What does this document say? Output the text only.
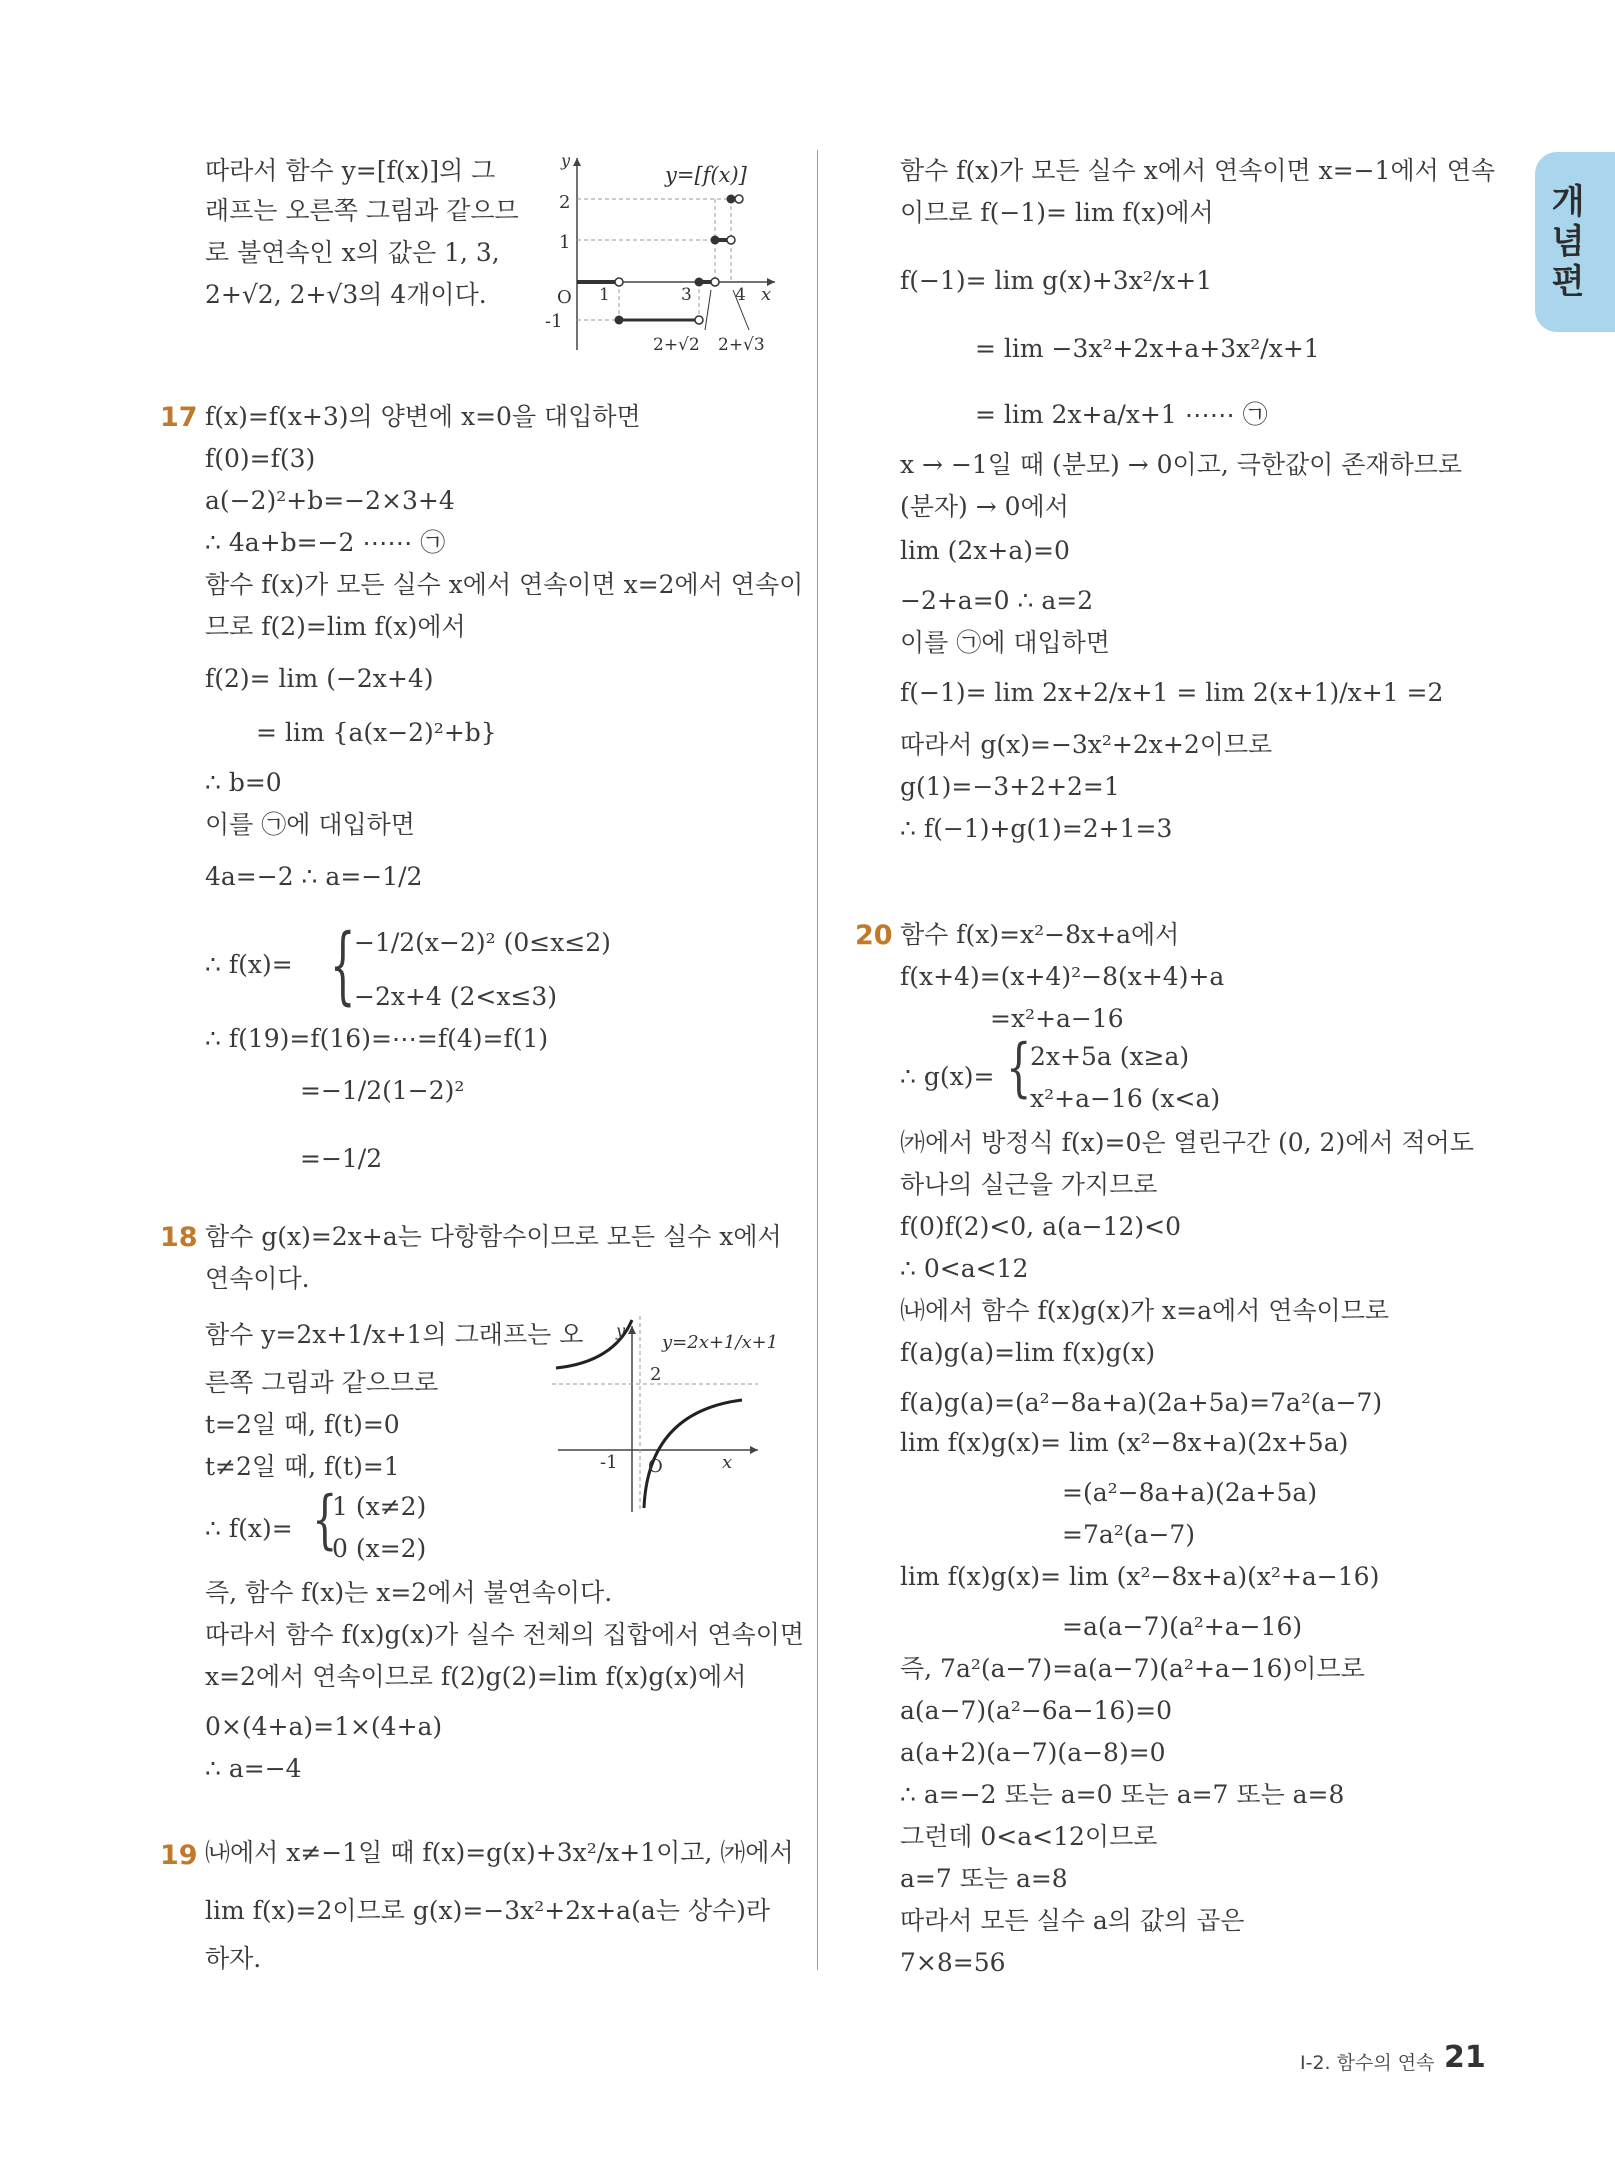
개념편
따라서 함수 y=[f(x)]의 그
래프는 오른쪽 그림과 같으므
로 불연속인 x의 값은 1, 3,
2+√2, 2+√3의 4개이다.
y=[f(x)]
2
1
-1
O 1	3	4 x
y
2+√2 2+√3
17 f(x)=f(x+3)의 양변에 x=0을 대입하면
f(0)=f(3)
a(−2)²+b=−2×3+4
∴ 4a+b=−2 ⋯⋯ ㉠
함수 f(x)가 모든 실수 x에서 연속이면 x=2에서 연속이
므로 f(2)=lim f(x)에서
f(2)= lim (−2x+4)
= lim {a(x−2)²+b}
∴ b=0
이를 ㉠에 대입하면
4a=−2 ∴ a=−1/2
∴ f(x)= {
−1/2(x−2)² (0≤x≤2)
−2x+4 (2<x≤3)
∴ f(19)=f(16)=⋯=f(4)=f(1)
=−1/2(1−2)²
=−1/2
18 함수 g(x)=2x+a는 다항함수이므로 모든 실수 x에서
연속이다.
함수 y=2x+1/x+1의 그래프는 오
른쪽 그림과 같으므로
t=2일 때, f(t)=0
t≠2일 때, f(t)=1
∴ f(x)= {
1 (x≠2)
0 (x=2)
즉, 함수 f(x)는 x=2에서 불연속이다.
따라서 함수 f(x)g(x)가 실수 전체의 집합에서 연속이면
x=2에서 연속이므로 f(2)g(2)=lim f(x)g(x)에서
0×(4+a)=1×(4+a)
∴ a=−4
y=2x+1/x+1
2
O
-1	x
y
19 ㈏에서 x≠−1일 때 f(x)=g(x)+3x²/x+1이고, ㈎에서
lim f(x)=2이므로 g(x)=−3x²+2x+a(a는 상수)라
하자.
함수 f(x)가 모든 실수 x에서 연속이면 x=−1에서 연속
이므로 f(−1)= lim f(x)에서
f(−1)= lim g(x)+3x²/x+1
= lim −3x²+2x+a+3x²/x+1
= lim 2x+a/x+1 ⋯⋯ ㉠
x → −1일 때 (분모) → 0이고, 극한값이 존재하므로
(분자) → 0에서
lim (2x+a)=0
−2+a=0 ∴ a=2
이를 ㉠에 대입하면
f(−1)= lim 2x+2/x+1 = lim 2(x+1)/x+1 =2
따라서 g(x)=−3x²+2x+2이므로
g(1)=−3+2+2=1
∴ f(−1)+g(1)=2+1=3
20 함수 f(x)=x²−8x+a에서
f(x+4)=(x+4)²−8(x+4)+a
=x²+a−16
∴ g(x)= {
2x+5a (x≥a)
x²+a−16 (x<a)
㈎에서 방정식 f(x)=0은 열린구간 (0, 2)에서 적어도
하나의 실근을 가지므로
f(0)f(2)<0, a(a−12)<0
∴ 0<a<12
㈏에서 함수 f(x)g(x)가 x=a에서 연속이므로
f(a)g(a)=lim f(x)g(x)
f(a)g(a)=(a²−8a+a)(2a+5a)=7a²(a−7)
lim f(x)g(x)= lim (x²−8x+a)(2x+5a)
=(a²−8a+a)(2a+5a)
=7a²(a−7)
lim f(x)g(x)= lim (x²−8x+a)(x²+a−16)
=a(a−7)(a²+a−16)
즉, 7a²(a−7)=a(a−7)(a²+a−16)이므로
a(a−7)(a²−6a−16)=0
a(a+2)(a−7)(a−8)=0
∴ a=−2 또는 a=0 또는 a=7 또는 a=8
그런데 0<a<12이므로
a=7 또는 a=8
따라서 모든 실수 a의 값의 곱은
7×8=56
I-2. 함수의 연속 21
